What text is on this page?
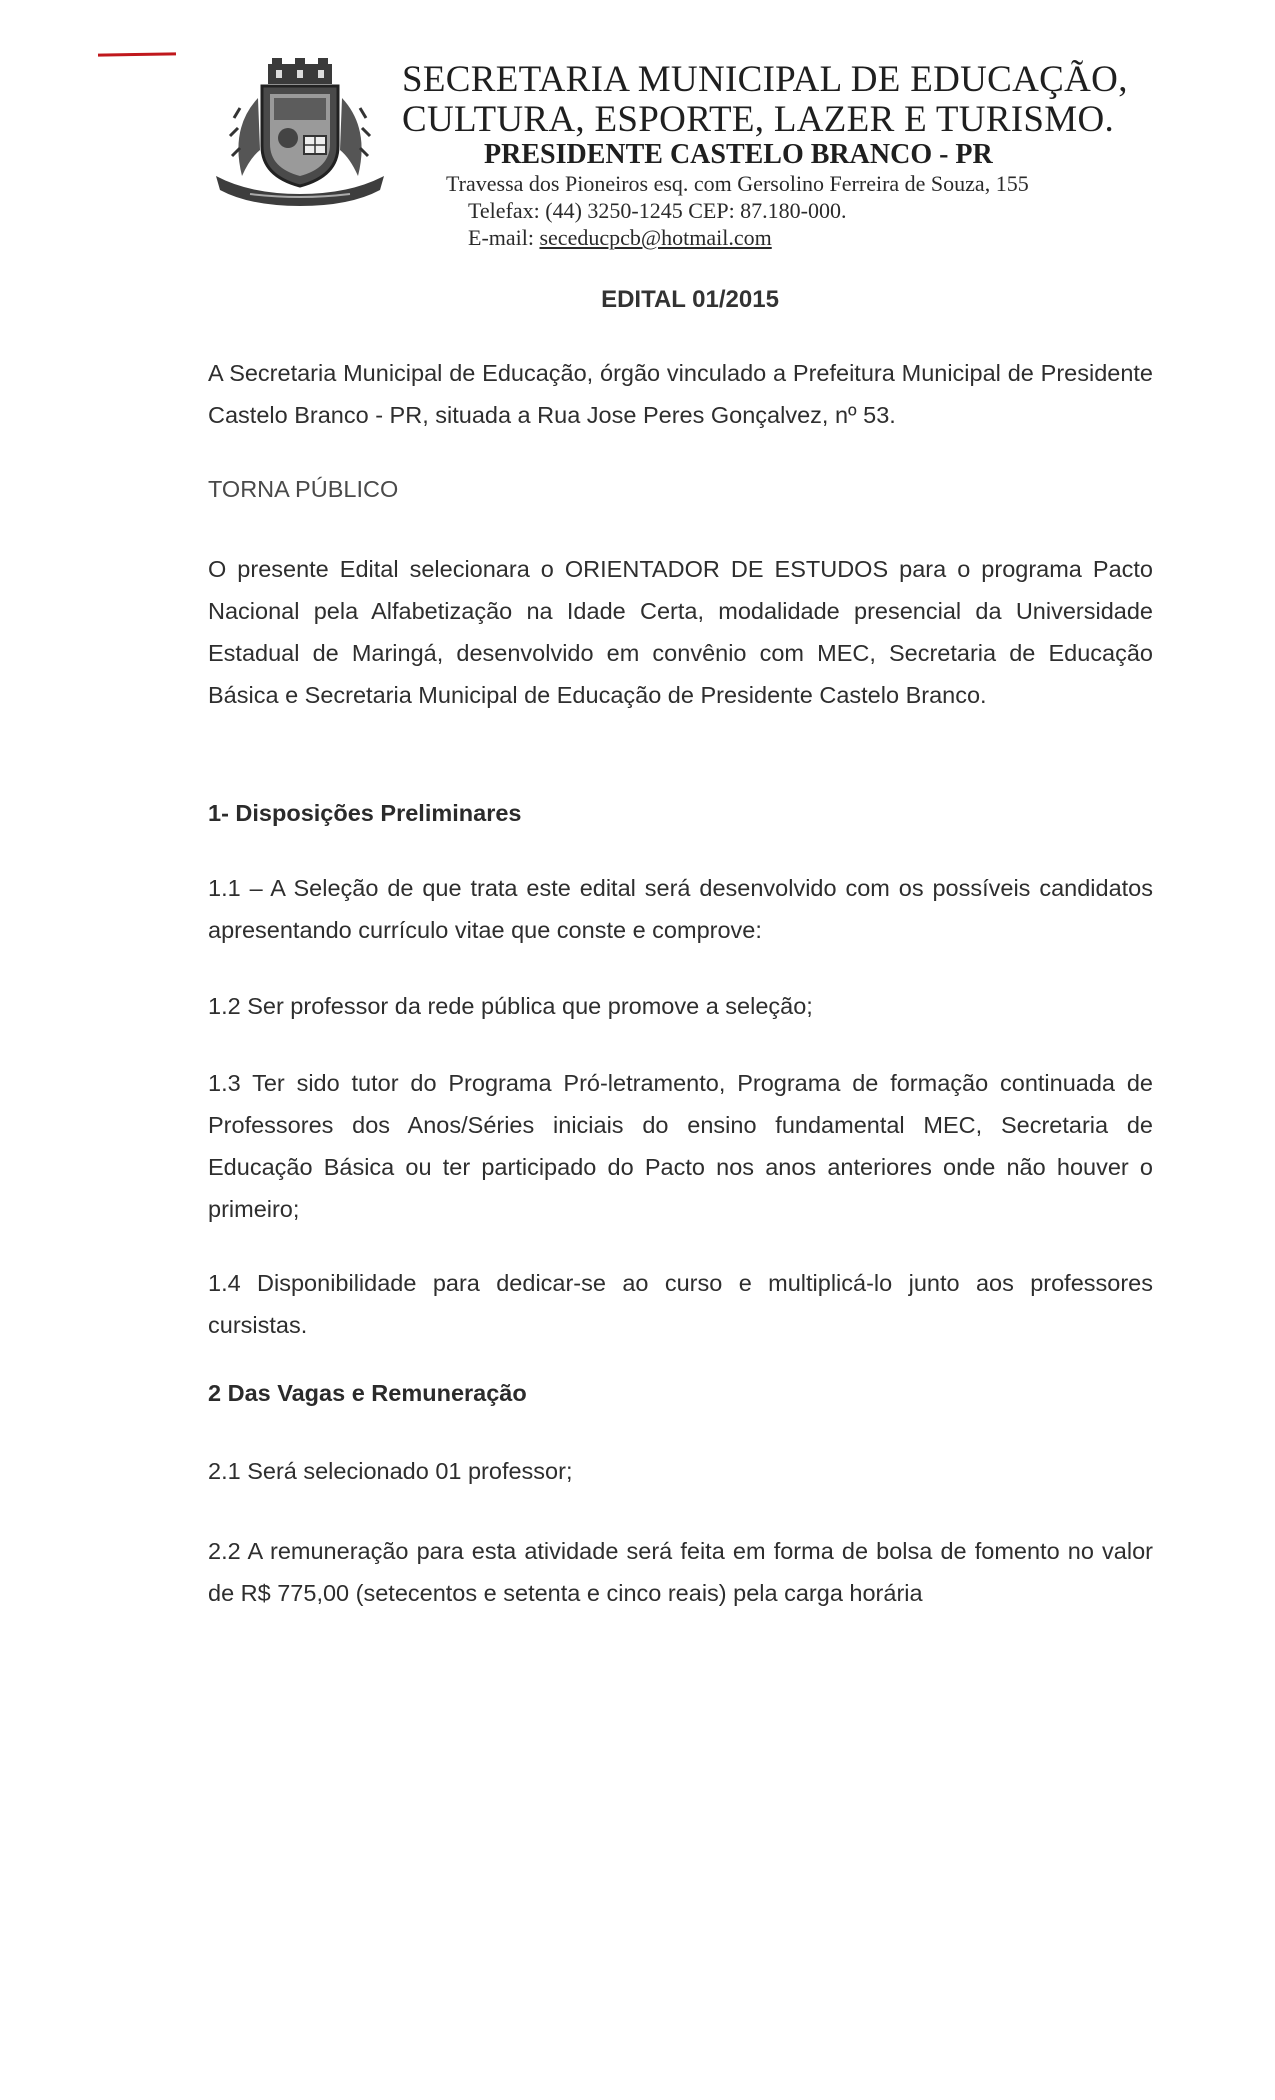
SECRETARIA MUNICIPAL DE EDUCAÇÃO,
CULTURA, ESPORTE, LAZER E TURISMO.
PRESIDENTE CASTELO BRANCO - PR
Travessa dos Pioneiros esq. com Gersolino Ferreira de Souza, 155
Telefax: (44) 3250-1245 CEP: 87.180-000.
E-mail: seceducpcb@hotmail.com
EDITAL 01/2015

A Secretaria Municipal de Educação, órgão vinculado a Prefeitura Municipal de Presidente Castelo Branco - PR, situada a Rua Jose Peres Gonçalvez, nº 53.

TORNA PÚBLICO

O presente Edital selecionara o ORIENTADOR DE ESTUDOS para o programa Pacto Nacional pela Alfabetização na Idade Certa, modalidade presencial da Universidade Estadual de Maringá, desenvolvido em convênio com MEC, Secretaria de Educação Básica e Secretaria Municipal de Educação de Presidente Castelo Branco.

1- Disposições Preliminares

1.1 – A Seleção de que trata este edital será desenvolvido com os possíveis candidatos apresentando currículo vitae que conste e comprove:

1.2 Ser professor da rede pública que promove a seleção;

1.3 Ter sido tutor do Programa Pró-letramento, Programa de formação continuada de Professores dos Anos/Séries iniciais do ensino fundamental MEC, Secretaria de Educação Básica ou ter participado do Pacto nos anos anteriores onde não houver o primeiro;

1.4 Disponibilidade para dedicar-se ao curso e multiplicá-lo junto aos professores cursistas.

2 Das Vagas e Remuneração

2.1 Será selecionado 01 professor;

2.2 A remuneração para esta atividade será feita em forma de bolsa de fomento no valor de R$ 775,00 (setecentos e setenta e cinco reais) pela carga horária
